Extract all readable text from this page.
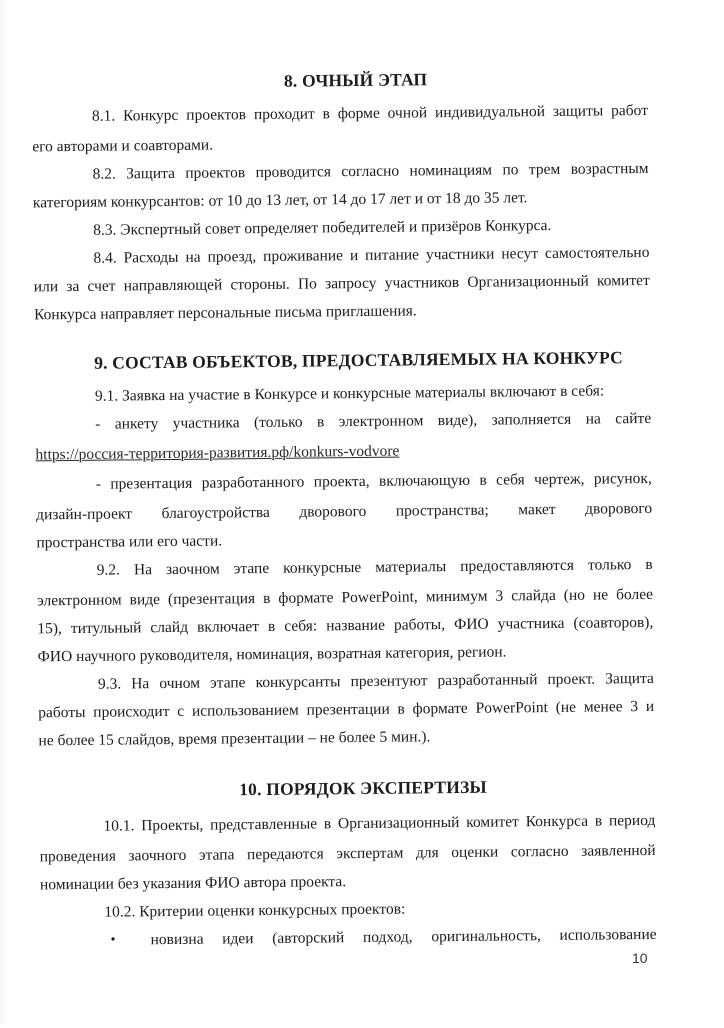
8. ОЧНЫЙ ЭТАП
8.1. Конкурс проектов проходит в форме очной индивидуальной защиты работ
его авторами и соавторами.
8.2. Защита проектов проводится согласно номинациям по трем возрастным
категориям конкурсантов: от 10 до 13 лет, от 14 до 17 лет и от 18 до 35 лет.
8.3. Экспертный совет определяет победителей и призёров Конкурса.
8.4. Расходы на проезд, проживание и питание участники несут самостоятельно
или за счет направляющей стороны. По запросу участников Организационный комитет
Конкурса направляет персональные письма приглашения.
9. СОСТАВ ОБЪЕКТОВ, ПРЕДОСТАВЛЯЕМЫХ НА КОНКУРС
9.1. Заявка на участие в Конкурсе и конкурсные материалы включают в себя:
- анкету участника (только в электронном виде), заполняется на сайте
https://россия-территория-развития.рф/konkurs-vodvore
- презентация разработанного проекта, включающую в себя чертеж, рисунок,
дизайн-проект благоустройства дворового пространства; макет дворового
пространства или его части.
9.2. На заочном этапе конкурсные материалы предоставляются только в
электронном виде (презентация в формате PowerPoint, минимум 3 слайда (но не более
15), титульный слайд включает в себя: название работы, ФИО участника (соавторов),
ФИО научного руководителя, номинация, возратная категория, регион.
9.3. На очном этапе конкурсанты презентуют разработанный проект. Защита
работы происходит с использованием презентации в формате PowerPoint (не менее 3 и
не более 15 слайдов, время презентации – не более 5 мин.).
10. ПОРЯДОК ЭКСПЕРТИЗЫ
10.1. Проекты, представленные в Организационный комитет Конкурса в период
проведения заочного этапа передаются экспертам для оценки согласно заявленной
номинации без указания ФИО автора проекта.
10.2. Критерии оценки конкурсных проектов:
• новизна идеи (авторский подход, оригинальность, использование
10
